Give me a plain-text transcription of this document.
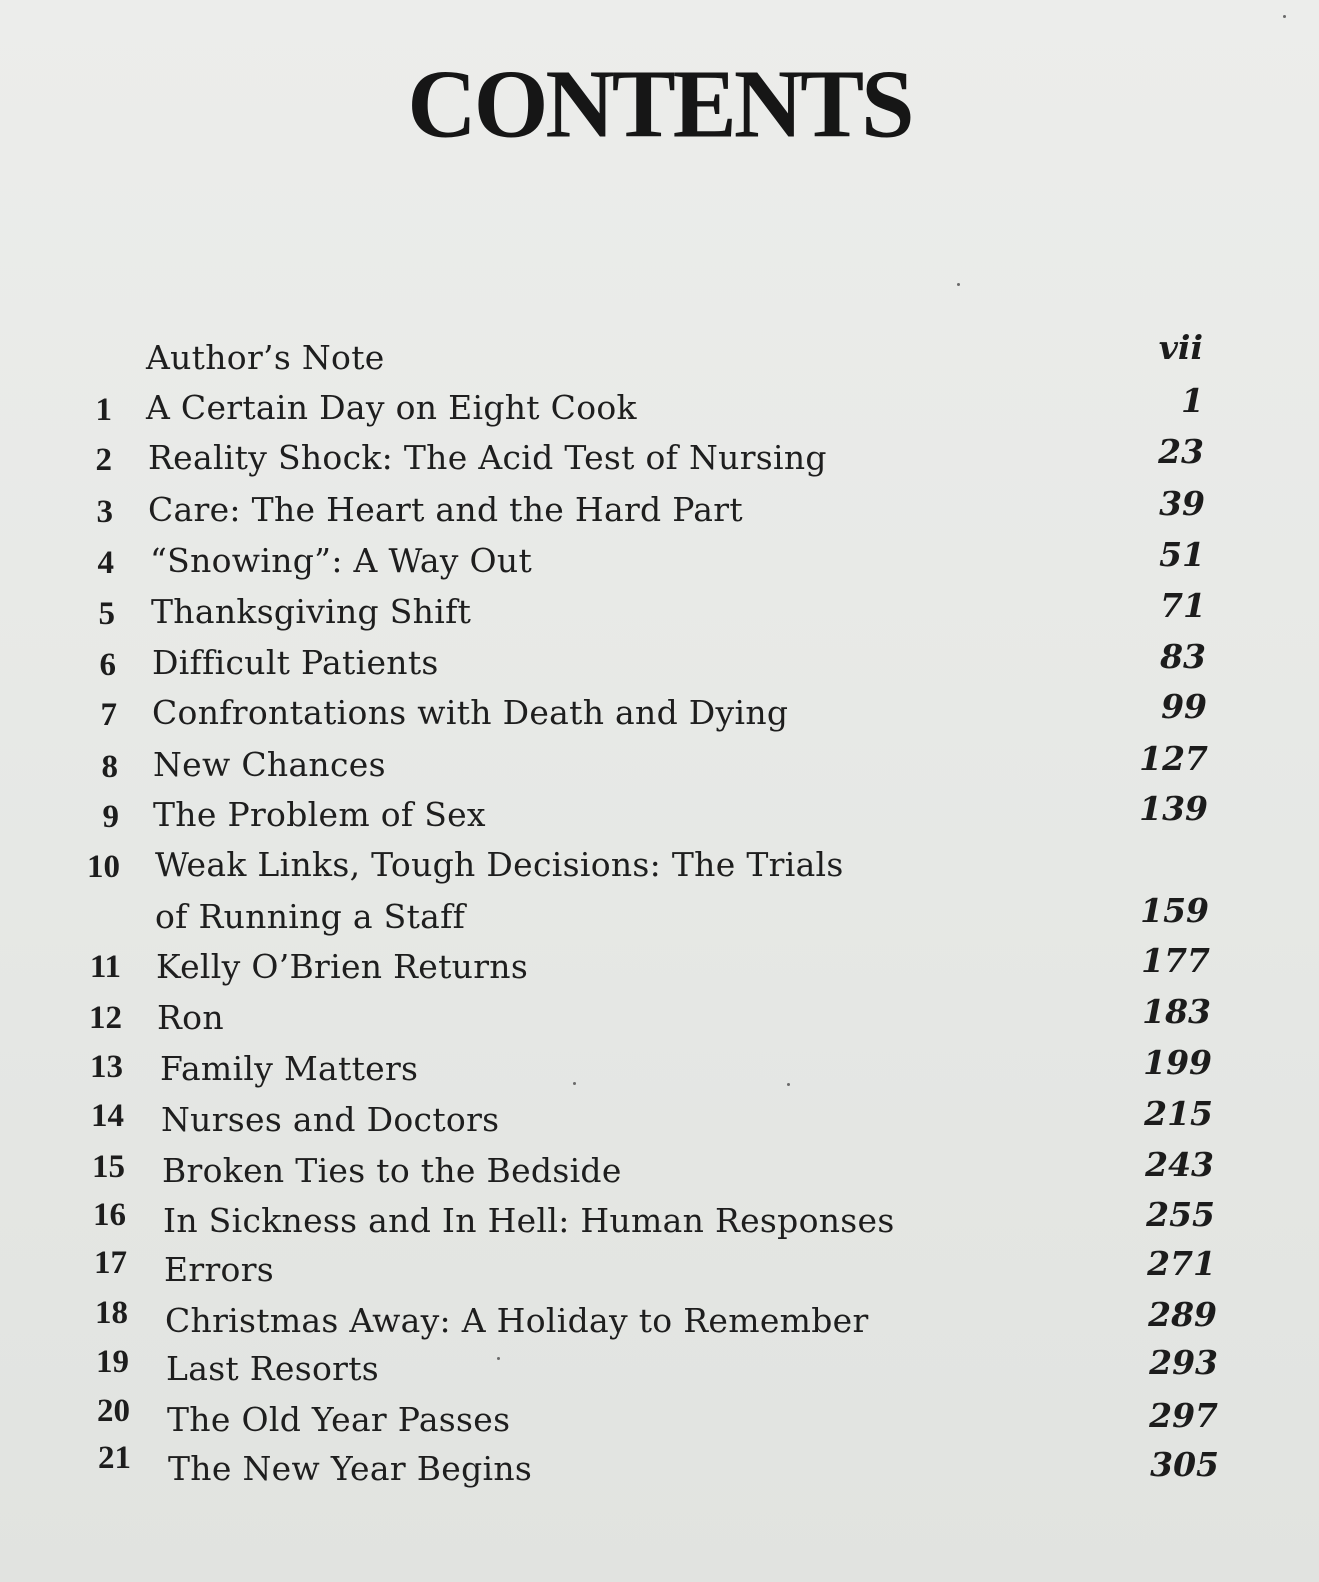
CONTENTS
Author’s Note	vii
1 A Certain Day on Eight Cook	1
2 Reality Shock: The Acid Test of Nursing	23
3 Care: The Heart and the Hard Part	39
4 “Snowing”: A Way Out	51
5 Thanksgiving Shift	71
6 Difficult Patients	83
7 Confrontations with Death and Dying	99
8 New Chances	127
9 The Problem of Sex	139
10 Weak Links, Tough Decisions: The Trials
of Running a Staff	159
11 Kelly O’Brien Returns	177
12 Ron	183
13 Family Matters	199
14 Nurses and Doctors	215
15 Broken Ties to the Bedside	243
16 In Sickness and In Hell: Human Responses	255
17 Errors	271
18 Christmas Away: A Holiday to Remember	289
19 Last Resorts	293
20 The Old Year Passes	297
21 The New Year Begins	305
